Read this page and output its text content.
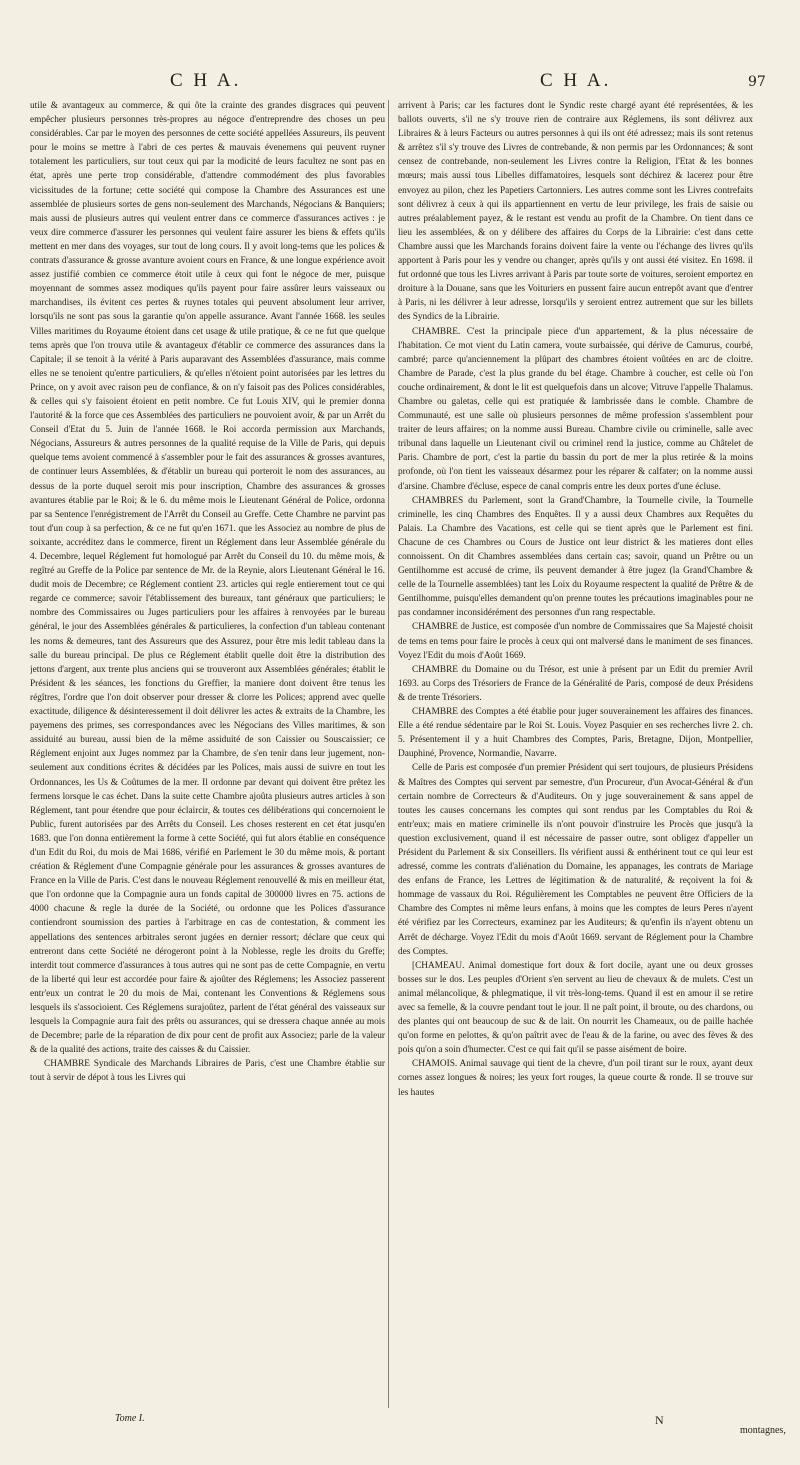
C H A.	C H A.	97

utile & avantageux au commerce, & qui ôte la crainte des grandes disgraces qui peuvent empêcher plusieurs personnes très-propres au négoce d'entreprendre des choses un peu considérables. Car par le moyen des personnes de cette société appellées Assureurs, ils peuvent pour le moins se mettre à l'abri de ces pertes & mauvais évenemens qui peuvent ruyner totalement les particuliers, sur tout ceux qui par la modicité de leurs facultez ne sont pas en état, après une perte trop considérable, d'attendre commodément des plus favorables vicissitudes de la fortune; cette société qui compose la Chambre des Assurances est une assemblée de plusieurs sortes de gens non-seulement des Marchands, Négocians & Banquiers; mais aussi de plusieurs autres qui veulent entrer dans ce commerce d'assurances actives : je veux dire commerce d'assurer les personnes qui veulent faire assurer les biens & effets qu'ils mettent en mer dans des voyages, sur tout de long cours. Il y avoit long-tems que les polices & contrats d'assurance & grosse avanture avoient cours en France, & une longue expérience avoit assez justifié combien ce commerce étoit utile à ceux qui font le négoce de mer, puisque moyennant de sommes assez modiques qu'ils payent pour faire assûrer leurs vaisseaux ou marchandises, ils évitent ces pertes & ruynes totales qui peuvent absolument leur arriver, lorsqu'ils ne sont pas sous la garantie qu'on appelle assurance. Avant l'année 1668. les seules Villes maritimes du Royaume étoient dans cet usage & utile pratique, & ce ne fut que quelque tems après que l'on trouva utile & avantageux d'établir ce commerce des assurances dans la Capitale; il se tenoit à la vérité à Paris auparavant des Assemblées d'assurance, mais comme elles ne se tenoient qu'entre particuliers, & qu'elles n'étoient point autorisées par les lettres du Prince, on y avoit avec raison peu de confiance, & on n'y faisoit pas des Polices considérables, & celles qui s'y faisoient étoient en petit nombre. Ce fut Louis XIV, qui le premier donna l'autorité & la force que ces Assemblées des particuliers ne pouvoient avoir, & par un Arrêt du Conseil d'Etat du 5. Juin de l'année 1668. le Roi accorda permission aux Marchands, Négocians, Assureurs & autres personnes de la qualité requise de la Ville de Paris, qui depuis quelque tems avoient commencé à s'assembler pour le fait des assurances & grosses avantures, de continuer leurs Assemblées, & d'établir un bureau qui porteroit le nom des assurances, au dessus de la porte duquel seroit mis pour inscription, Chambre des assurances & grosses avantures établie par le Roi; & le 6. du même mois le Lieutenant Général de Police, ordonna par sa Sentence l'enrégistrement de l'Arrêt du Conseil au Greffe. Cette Chambre ne parvint pas tout d'un coup à sa perfection, & ce ne fut qu'en 1671. que les Associez au nombre de plus de soixante, accréditez dans le commerce, firent un Réglement dans leur Assemblée générale du 4. Decembre, lequel Réglement fut homologué par Arrêt du Conseil du 10. du même mois, & regîtré au Greffe de la Police par sentence de Mr. de la Reynie, alors Lieutenant Général le 16. dudit mois de Decembre; ce Réglement contient 23. articles qui regle entierement tout ce qui regarde ce commerce; savoir l'établissement des bureaux, tant généraux que particuliers; le nombre des Commissaires ou Juges particuliers pour les affaires à renvoyées par le bureau général, le jour des Assemblées générales & particulieres, la confection d'un tableau contenant les noms & demeures, tant des Assureurs que des Assurez, pour être mis ledit tableau dans la salle du bureau principal. De plus ce Réglement établit quelle doit être la distribution des jettons d'argent, aux trente plus anciens qui se trouveront aux Assemblées générales; établit le Président & les séances, les fonctions du Greffier, la maniere dont doivent être tenus les régîtres, l'ordre que l'on doit observer pour dresser & clorre les Polices; apprend avec quelle exactitude, diligence & désinteressement il doit délivrer les actes & extraits de la Chambre, les payemens des primes, ses correspondances avec les Négocians des Villes maritimes, & son assiduité au bureau, aussi bien de la même assiduité de son Caissier ou Souscaissier; ce Réglement enjoint aux Juges nommez par la Chambre, de s'en tenir dans leur jugement, non-seulement aux conditions écrites & décidées par les Polices, mais aussi de suivre en tout les Ordonnances, les Us & Coûtumes de la mer. Il ordonne par devant qui doivent être prêtez les fermens lorsque le cas échet. Dans la suite cette Chambre ajoûta plusieurs autres articles à son Réglement, tant pour étendre que pour éclaircir, & toutes ces délibérations qui concernoient le Public, furent autorisées par des Arrêts du Conseil. Les choses resterent en cet état jusqu'en 1683. que l'on donna entièrement la forme à cette Société, qui fut alors établie en conséquence d'un Edit du Roi, du mois de Mai 1686, vérifié en Parlement le 30 du même mois, & portant création & Réglement d'une Compagnie générale pour les assurances & grosses avantures de France en la Ville de Paris. C'est dans le nouveau Réglement renouvellé & mis en meilleur état, que l'on ordonne que la Compagnie aura un fonds capital de 300000 livres en 75. actions de 4000 chacune & regle la durée de la Société, ou ordonne que les Polices d'assurance contiendront soumission des parties à l'arbitrage en cas de contestation, & comment les appellations des sentences arbitrales seront jugées en dernier ressort; déclare que ceux qui entreront dans cette Société ne dérogeront point à la Noblesse, regle les droits du Greffe; interdit tout commerce d'assurances à tous autres qui ne sont pas de cette Compagnie, en vertu de la liberté qui leur est accordée pour faire & ajoûter des Réglemens; les Associez passerent entr'eux un contrat le 20 du mois de Mai, contenant les Conventions & Réglemens sous lesquels ils s'associoient. Ces Réglemens surajoûtez, parlent de l'état général des vaisseaux sur lesquels la Compagnie aura fait des prêts ou assurances, qui se dressera chaque année au mois de Decembre; parle de la réparation de dix pour cent de profit aux Associez; parle de la valeur & de la qualité des actions, traite des caisses & du Caissier.

CHAMBRE Syndicale des Marchands Libraires de Paris, c'est une Chambre établie sur tout à servir de dépot à tous les Livres qui

arrivent à Paris; car les factures dont le Syndic reste chargé ayant été représentées, & les ballots ouverts, s'il ne s'y trouve rien de contraire aux Réglemens, ils sont délivrez aux Libraires & à leurs Facteurs ou autres personnes à qui ils ont été adressez; mais ils sont retenus & arrêtez s'il s'y trouve des Livres de contrebande, & non permis par les Ordonnances; & sont censez de contrebande, non-seulement les Livres contre la Religion, l'Etat & les bonnes mœurs; mais aussi tous Libelles diffamatoires, lesquels sont déchirez & lacerez pour être envoyez au pilon, chez les Papetiers Cartonniers. Les autres comme sont les Livres contrefaits sont délivrez à ceux à qui ils appartiennent en vertu de leur privilege, les frais de saisie ou autres préalablement payez, & le restant est vendu au profit de la Chambre. On tient dans ce lieu les assemblées, & on y délibere des affaires du Corps de la Librairie: c'est dans cette Chambre aussi que les Marchands forains doivent faire la vente ou l'échange des livres qu'ils apportent à Paris pour les y vendre ou changer, après qu'ils y ont aussi été visitez. En 1698. il fut ordonné que tous les Livres arrivant à Paris par toute sorte de voitures, seroient emportez en droiture à la Douane, sans que les Voituriers en pussent faire aucun entrepôt avant que d'entrer à Paris, ni les délivrer à leur adresse, lorsqu'ils y seroient entrez autrement que sur les billets des Syndics de la Librairie.

CHAMBRE. C'est la principale piece d'un appartement, & la plus nécessaire de l'habitation. Ce mot vient du Latin camera, voute surbaissée, qui dérive de Camurus, courbé, cambré; parce qu'anciennement la plûpart des chambres étoient voûtées en arc de cloitre. Chambre de Parade, c'est la plus grande du bel étage. Chambre à coucher, est celle où l'on couche ordinairement, & dont le lit est quelquefois dans un alcove; Vitruve l'appelle Thalamus. Chambre ou galetas, celle qui est pratiquée & lambrissée dans le comble. Chambre de Communauté, est une salle où plusieurs personnes de même profession s'assemblent pour traiter de leurs affaires; on la nomme aussi Bureau. Chambre civile ou criminelle, salle avec tribunal dans laquelle un Lieutenant civil ou criminel rend la justice, comme au Châtelet de Paris. Chambre de port, c'est la partie du bassin du port de mer la plus retirée & la moins profonde, où l'on tient les vaisseaux désarmez pour les réparer & calfater; on la nomme aussi d'arsine. Chambre d'écluse, espece de canal compris entre les deux portes d'une écluse.

CHAMBRES du Parlement, sont la Grand'Chambre, la Tournelle civile, la Tournelle criminelle, les cinq Chambres des Enquêtes. Il y a aussi deux Chambres aux Requêtes du Palais. La Chambre des Vacations, est celle qui se tient après que le Parlement est fini. Chacune de ces Chambres ou Cours de Justice ont leur district & les matieres dont elles connoissent. On dit Chambres assemblées dans certain cas; savoir, quand un Prêtre ou un Gentilhomme est accusé de crime, ils peuvent demander à être jugez (la Grand'Chambre & celle de la Tournelle assemblées) tant les Loix du Royaume respectent la qualité de Prêtre & de Gentilhomme, puisqu'elles demandent qu'on prenne toutes les précautions imaginables pour ne pas condamner inconsidérément des personnes d'un rang respectable.

CHAMBRE de Justice, est composée d'un nombre de Commissaires que Sa Majesté choisit de tems en tems pour faire le procès à ceux qui ont malversé dans le maniment de ses finances. Voyez l'Edit du mois d'Août 1669.

CHAMBRE du Domaine ou du Trésor, est unie à présent par un Edit du premier Avril 1693. au Corps des Trésoriers de France de la Généralité de Paris, composé de deux Présidens & de trente Trésoriers.

CHAMBRE des Comptes a été établie pour juger souverainement les affaires des finances. Elle a été rendue sédentaire par le Roi St. Louis. Voyez Pasquier en ses recherches livre 2. ch. 5. Présentement il y a huit Chambres des Comptes, Paris, Bretagne, Dijon, Montpellier, Dauphiné, Provence, Normandie, Navarre.

Celle de Paris est composée d'un premier Président qui sert toujours, de plusieurs Présidens & Maîtres des Comptes qui servent par semestre, d'un Procureur, d'un Avocat-Général & d'un certain nombre de Correcteurs & d'Auditeurs. On y juge souverainement & sans appel de toutes les causes concernans les comptes qui sont rendus par les Comptables du Roi & entr'eux; mais en matiere criminelle ils n'ont pouvoir d'instruire les Procès que jusqu'à la question exclusivement, quand il est nécessaire de passer outre, sont obligez d'appeller un Président du Parlement & six Conseillers. Ils vérifient aussi & enthérinent tout ce qui leur est adressé, comme les contrats d'aliénation du Domaine, les appanages, les contrats de Mariage des enfans de France, les Lettres de légitimation & de naturalité, & reçoivent la foi & hommage de vassaux du Roi. Régulièrement les Comptables ne peuvent être Officiers de la Chambre des Comptes ni même leurs enfans, à moins que les comptes de leurs Peres n'ayent été vérifiez par les Correcteurs, examinez par les Auditeurs; & qu'enfin ils n'ayent obtenu un Arrêt de décharge. Voyez l'Edit du mois d'Août 1669. servant de Réglement pour la Chambre des Comptes.

[CHAMEAU. Animal domestique fort doux & fort docile, ayant une ou deux grosses bosses sur le dos. Les peuples d'Orient s'en servent au lieu de chevaux & de mulets. C'est un animal mélancolique, & phlegmatique, il vit très-long-tems. Quand il est en amour il se retire avec sa femelle, & la couvre pendant tout le jour. Il ne paît point, il broute, ou des chardons, ou des plantes qui ont beaucoup de suc & de lait. On nourrit les Chameaux, ou de paille hachée qu'on forme en pelottes, & qu'on paîtrit avec de l'eau & de la farine, ou avec des fèves & des pois qu'on a soin d'humecter. C'est ce qui fait qu'il se passe aisément de boire.

CHAMOIS. Animal sauvage qui tient de la chevre, d'un poil tirant sur le roux, ayant deux cornes assez longues & noires; les yeux fort rouges, la queue courte & ronde. Il se trouve sur les hautes

Tome I.	N
montagnes,
